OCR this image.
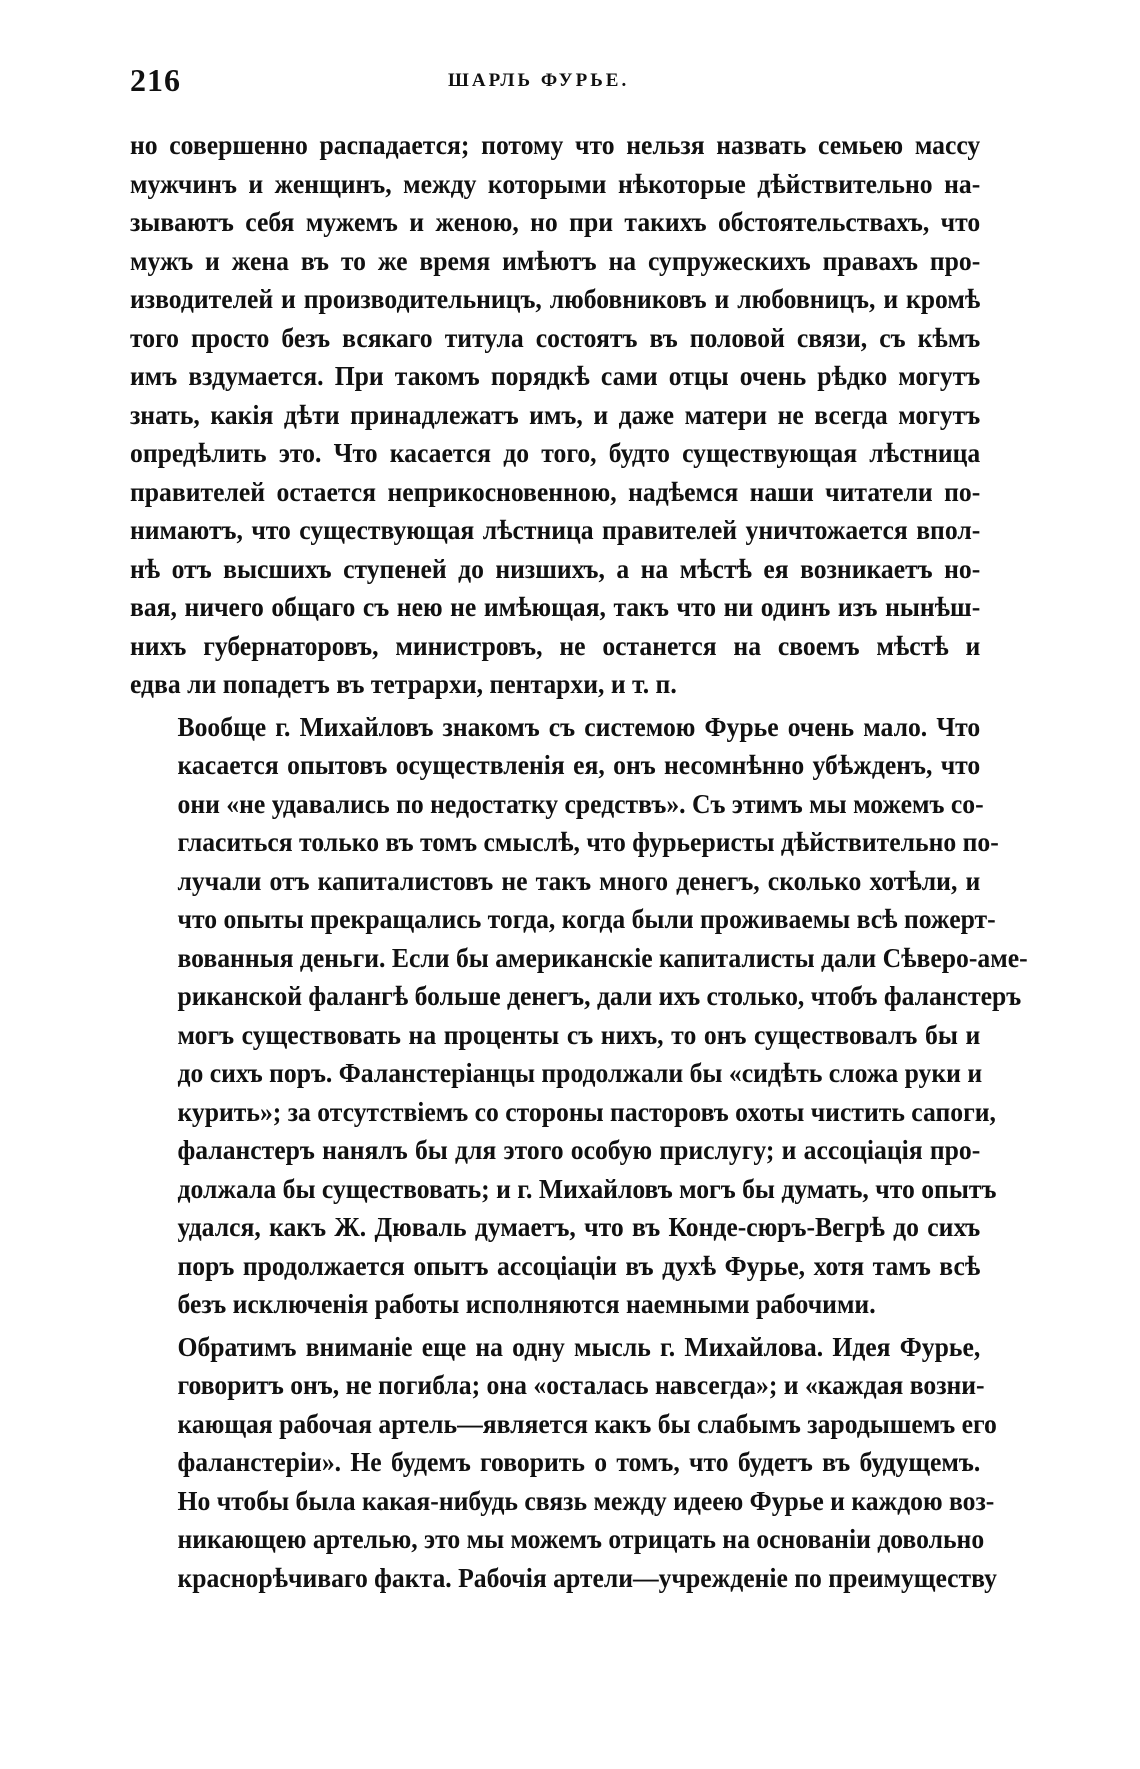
216	ШАРЛЬ ФУРЬЕ.
но совершенно распадается; потому что нельзя назвать семьею массу
мужчинъ и женщинъ, между которыми нѣкоторые дѣйствительно на-
зываютъ себя мужемъ и женою, но при такихъ обстоятельствахъ, что
мужъ и жена въ то же время имѣютъ на супружескихъ правахъ про-
изводителей и производительницъ, любовниковъ и любовницъ, и кромѣ
того просто безъ всякаго титула состоятъ въ половой связи, съ кѣмъ
имъ вздумается. При такомъ порядкѣ сами отцы очень рѣдко могутъ
знать, какія дѣти принадлежатъ имъ, и даже матери не всегда могутъ
опредѣлить это. Что касается до того, будто существующая лѣстница
правителей остается неприкосновенною, надѣемся наши читатели по-
нимаютъ, что существующая лѣстница правителей уничтожается впол-
нѣ отъ высшихъ ступеней до низшихъ, а на мѣстѣ ея возникаетъ но-
вая, ничего общаго съ нею не имѣющая, такъ что ни одинъ изъ нынѣш-
нихъ губернаторовъ, министровъ, не останется на своемъ мѣстѣ и
едва ли попадетъ въ тетрархи, пентархи, и т. п.
Вообще г. Михайловъ знакомъ съ системою Фурье очень мало. Что
касается опытовъ осуществленія ея, онъ несомнѣнно убѣжденъ, что
они «не удавались по недостатку средствъ». Съ этимъ мы можемъ со-
гласиться только въ томъ смыслѣ, что фурьеристы дѣйствительно по-
лучали отъ капиталистовъ не такъ много денегъ, сколько хотѣли, и
что опыты прекращались тогда, когда были проживаемы всѣ пожерт-
вованныя деньги. Если бы американскіе капиталисты дали Сѣверо-аме-
риканской фалангѣ больше денегъ, дали ихъ столько, чтобъ фаланстеръ
могъ существовать на проценты съ нихъ, то онъ существовалъ бы и
до сихъ поръ. Фаланстеріанцы продолжали бы «сидѣть сложа руки и
курить»; за отсутствіемъ со стороны пасторовъ охоты чистить сапоги,
фаланстеръ нанялъ бы для этого особую прислугу; и ассоціація про-
должала бы существовать; и г. Михайловъ могъ бы думать, что опытъ
удался, какъ Ж. Дюваль думаетъ, что въ Конде-сюръ-Вегрѣ до сихъ
поръ продолжается опытъ ассоціаціи въ духѣ Фурье, хотя тамъ всѣ
безъ исключенія работы исполняются наемными рабочими.
Обратимъ вниманіе еще на одну мысль г. Михайлова. Идея Фурье,
говоритъ онъ, не погибла; она «осталась навсегда»; и «каждая возни-
кающая рабочая артель—является какъ бы слабымъ зародышемъ его
фаланстеріи». Не будемъ говорить о томъ, что будетъ въ будущемъ.
Но чтобы была какая-нибудь связь между идеею Фурье и каждою воз-
никающею артелью, это мы можемъ отрицать на основаніи довольно
краснорѣчиваго факта. Рабочія артели—учрежденіе по преимуществу
